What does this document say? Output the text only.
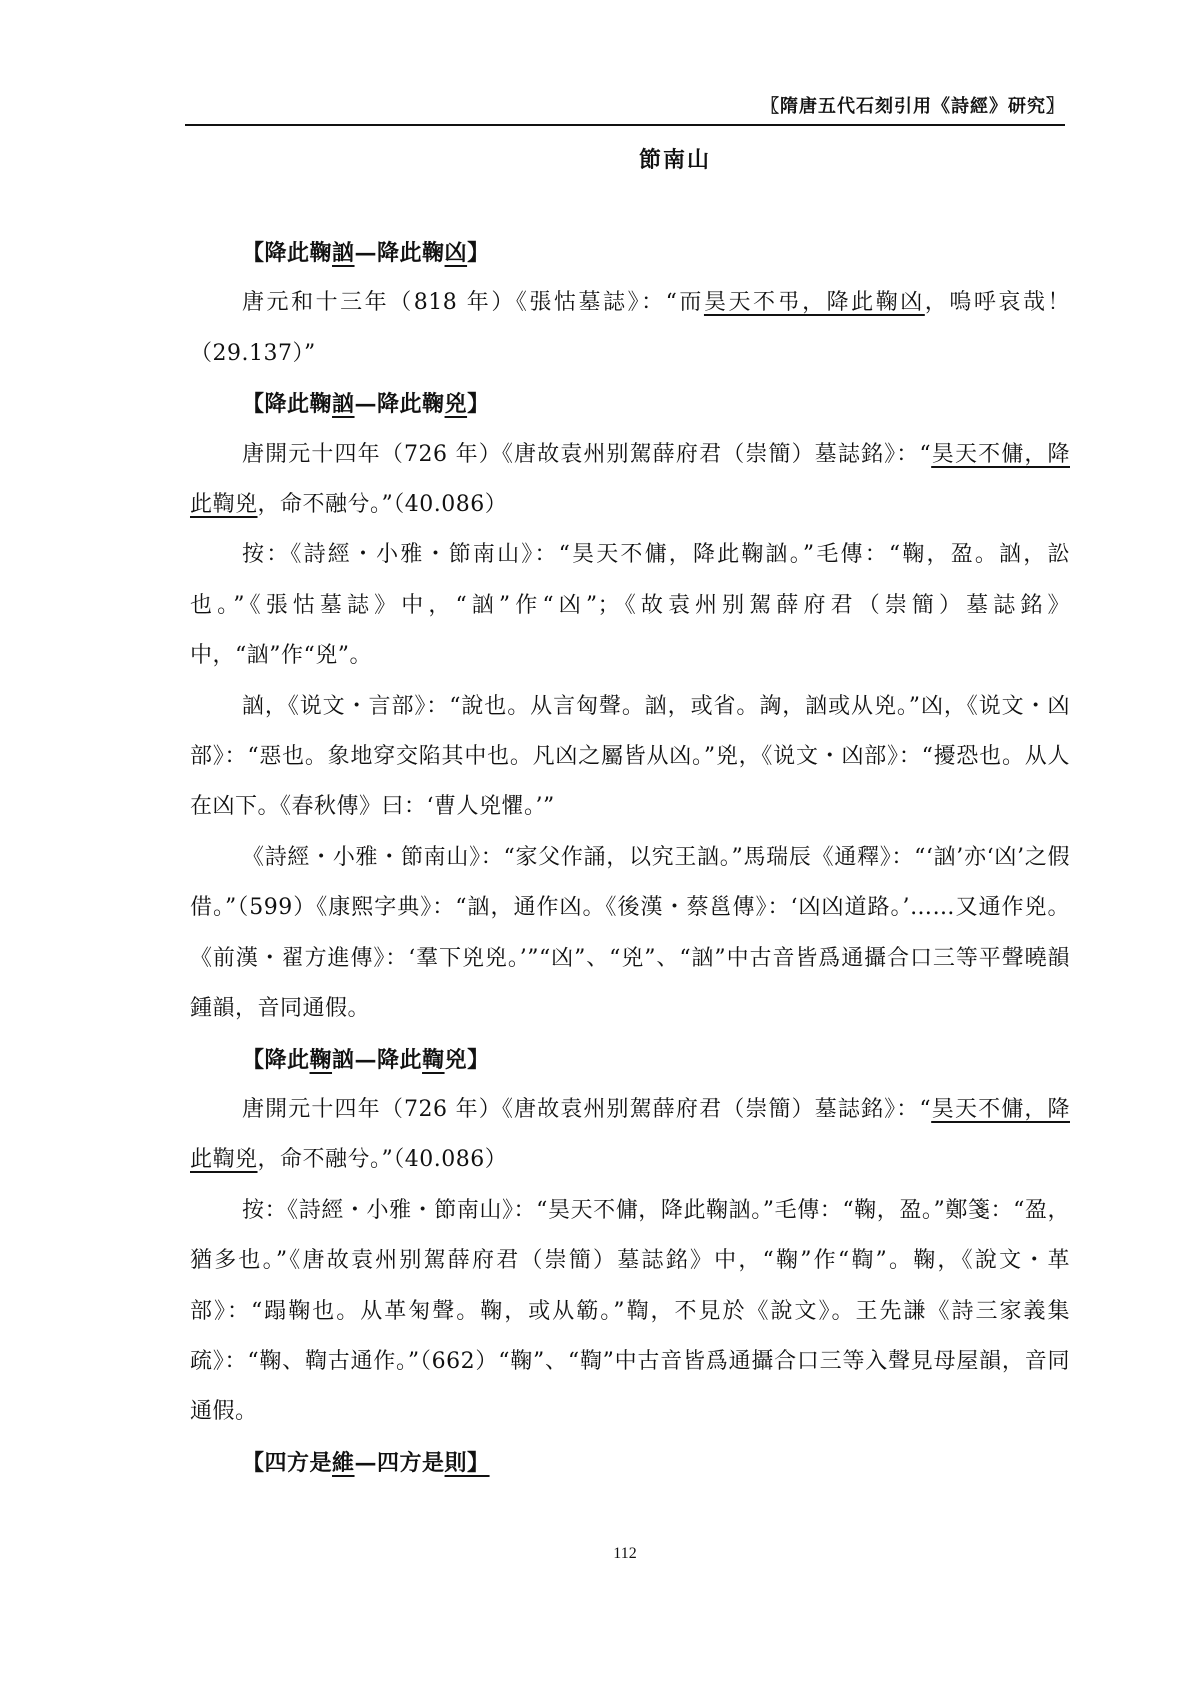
〖隋唐五代石刻引用《詩經》研究〗
節南山

【降此鞠訩—降此鞠凶】

唐元和十三年（818 年）《張怙墓誌》：“而昊天不弔，降此鞠凶，嗚呼哀哉！（29.137）”

【降此鞠訩—降此鞠兇】

唐開元十四年（726 年）《唐故袁州别駕薛府君（崇簡）墓誌銘》：“昊天不傭，降此鞫兇，命不融兮。”（40.086）

按：《詩經・小雅・節南山》：“昊天不傭，降此鞠訩。”毛傳：“鞠，盈。訩，訟也。”《張怙墓誌》中，“訩”作“凶”；《故袁州别駕薛府君（崇簡）墓誌銘》中，“訩”作“兇”。

訩，《说文・言部》：“說也。从言匈聲。訩，或省。詾，訩或从兇。”凶，《说文・凶部》：“惡也。象地穿交陷其中也。凡凶之屬皆从凶。”兇，《说文・凶部》：“擾恐也。从人在凶下。《春秋傳》曰：‘曹人兇懼。’”

《詩經・小雅・節南山》：“家父作誦，以究王訩。”馬瑞辰《通釋》：“‘訩’亦‘凶’之假借。”（599）《康熙字典》：“訩，通作凶。《後漢・蔡邕傳》：‘凶凶道路。’……又通作兇。《前漢・翟方進傳》：‘羣下兇兇。’”“凶”、“兇”、“訩”中古音皆爲通攝合口三等平聲曉韻鍾韻，音同通假。

【降此鞠訩—降此鞫兇】

唐開元十四年（726 年）《唐故袁州别駕薛府君（崇簡）墓誌銘》：“昊天不傭，降此鞫兇，命不融兮。”（40.086）

按：《詩經・小雅・節南山》：“昊天不傭，降此鞠訩。”毛傳：“鞠，盈。”鄭箋：“盈，猶多也。”《唐故袁州别駕薛府君（崇簡）墓誌銘》中，“鞠”作“鞫”。鞠，《說文・革部》：“蹋鞠也。从革匊聲。鞠，或从簕。”鞫，不見於《說文》。王先謙《詩三家義集疏》：“鞠、鞫古通作。”（662）“鞠”、“鞫”中古音皆爲通攝合口三等入聲見母屋韻，音同通假。

【四方是維—四方是則】

112
